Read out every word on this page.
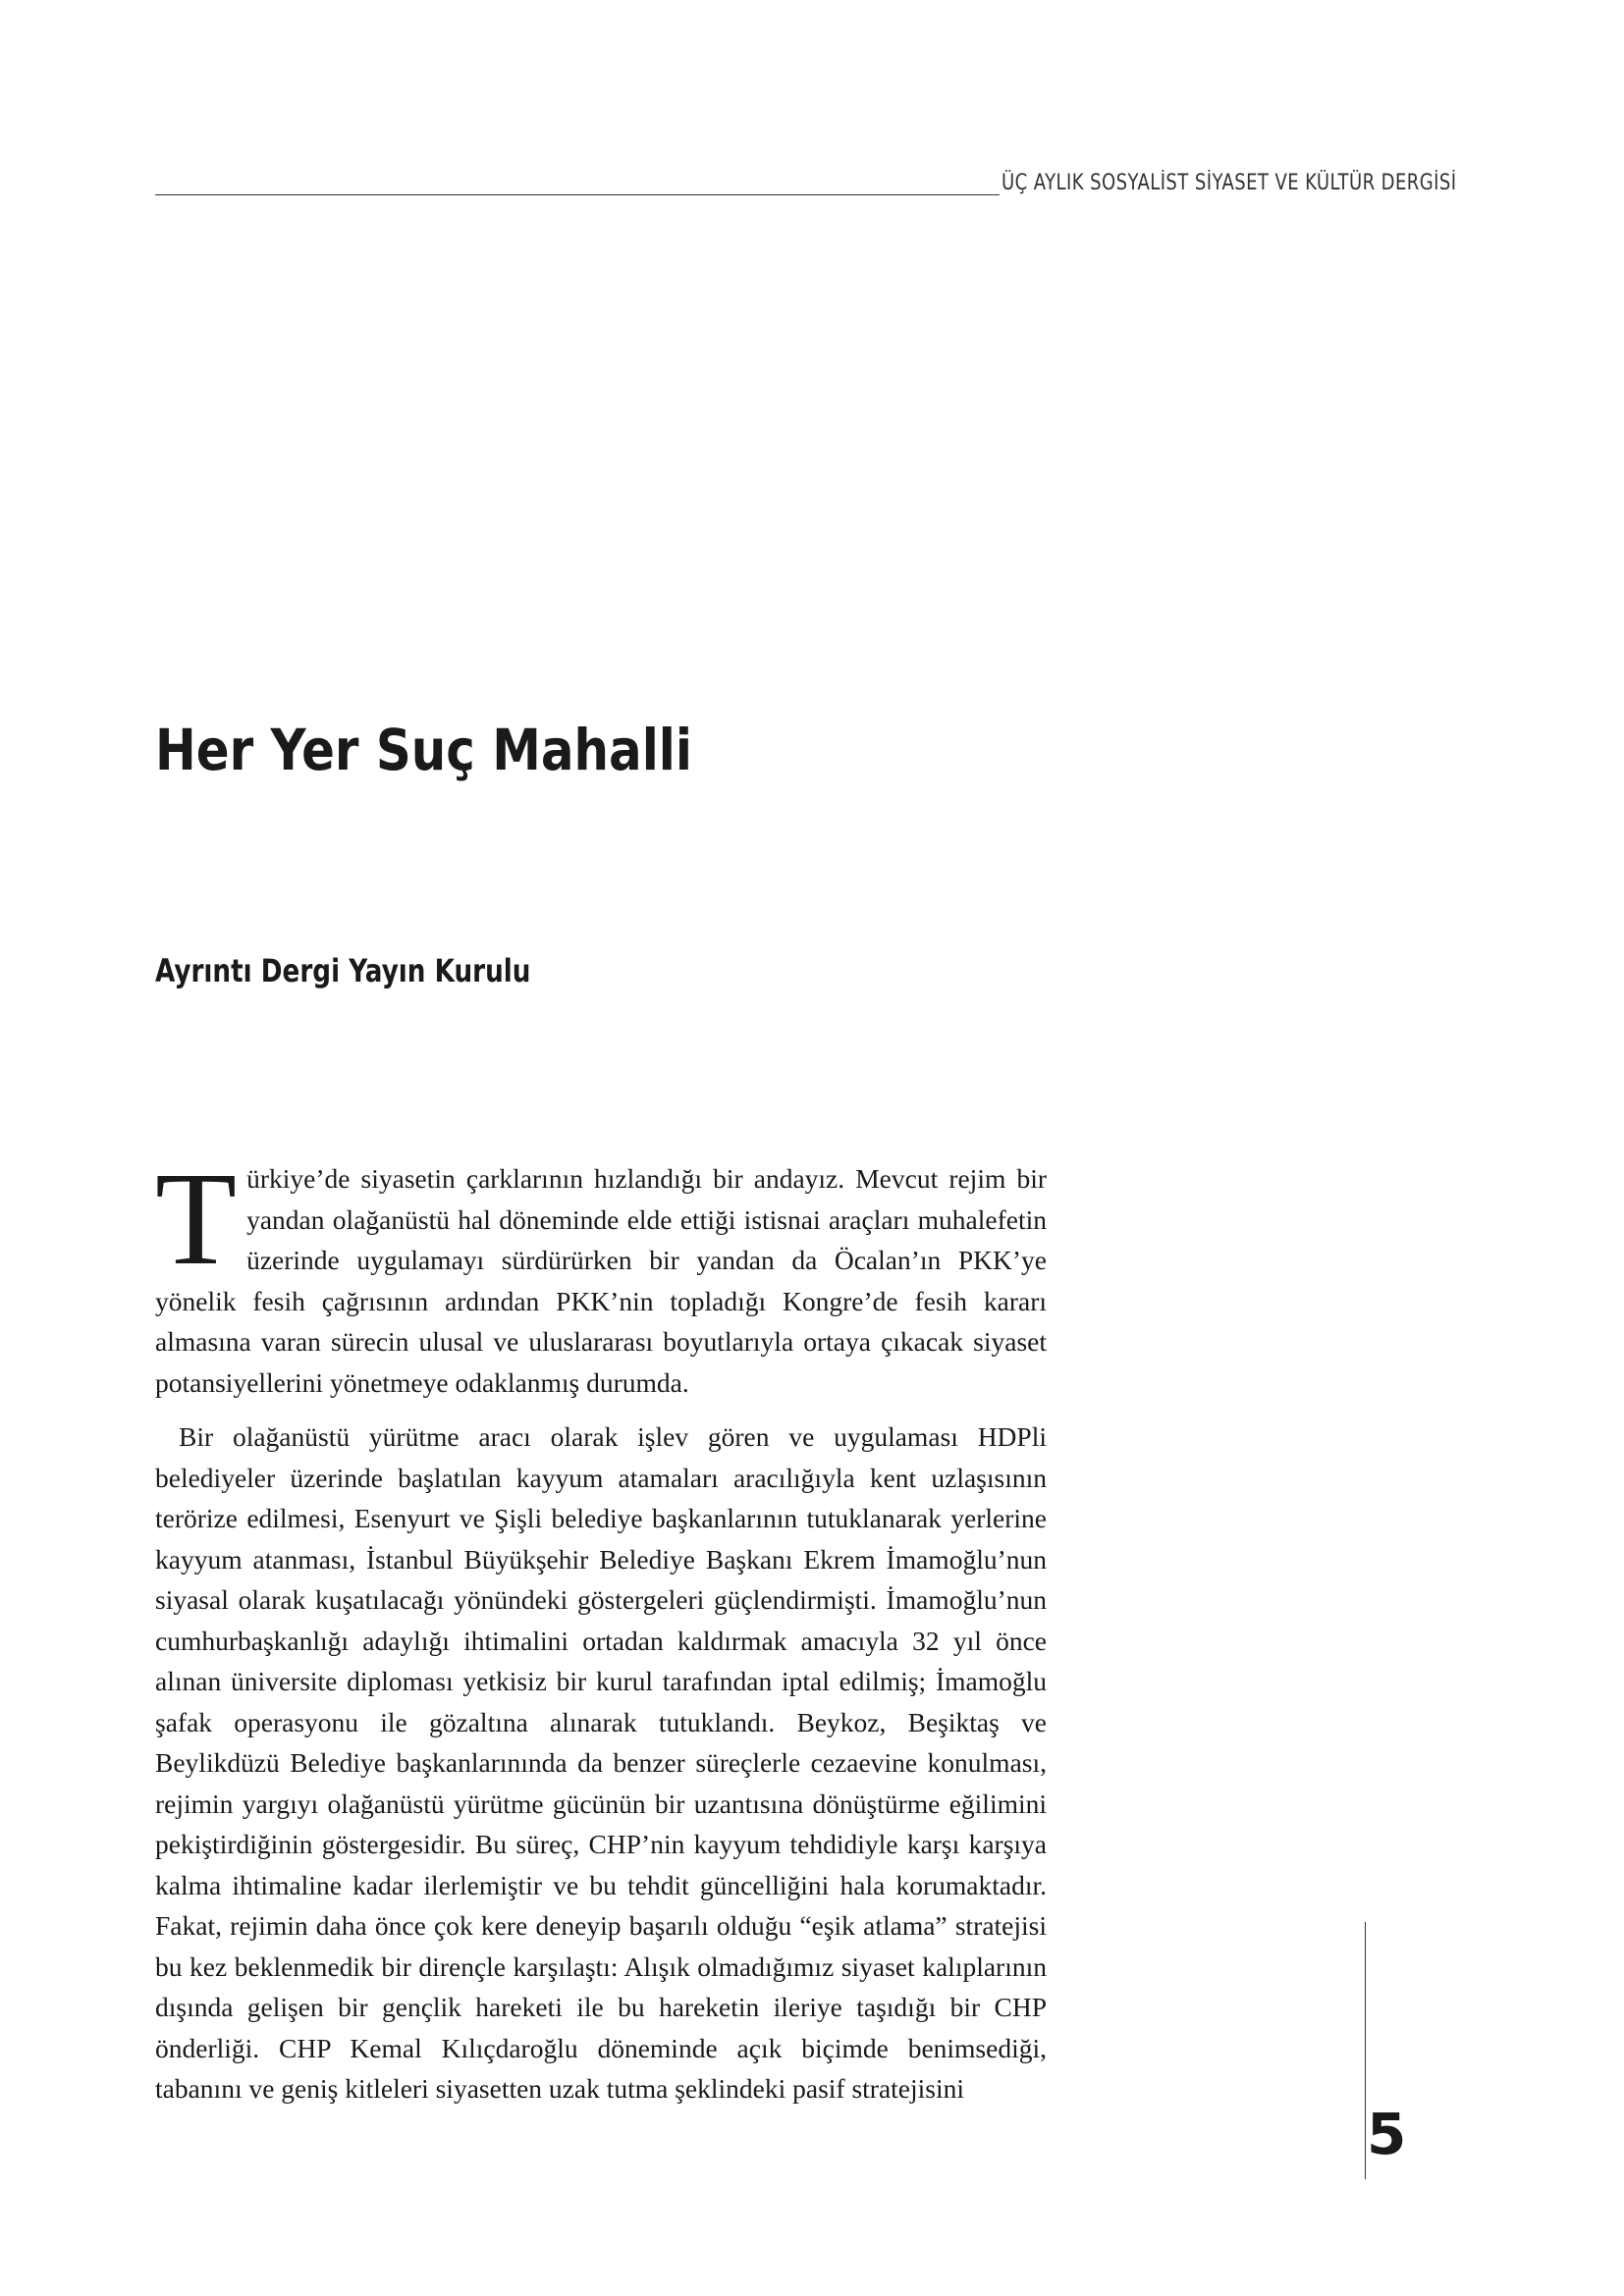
ÜÇ AYLIK SOSYALİST SİYASET VE KÜLTÜR DERGİSİ
Her Yer Suç Mahalli
Ayrıntı Dergi Yayın Kurulu

Türkiye’de siyasetin çarklarının hızlandığı bir andayız. Mevcut rejim bir yandan olağanüstü hal döneminde elde ettiği istisnai araçları muhalefetin üzerinde uygulamayı sürdürürken bir yandan da Öcalan’ın PKK’ye yönelik fesih çağrısının ardından PKK’nin topladığı Kongre’de fesih kararı almasına varan sürecin ulusal ve uluslararası boyutlarıyla ortaya çıkacak siyaset potansiyellerini yönetmeye odaklanmış durumda.

Bir olağanüstü yürütme aracı olarak işlev gören ve uygulaması HDPli belediyeler üzerinde başlatılan kayyum atamaları aracılığıyla kent uzlaşısının terörize edilmesi, Esenyurt ve Şişli belediye başkanlarının tutuklanarak yerlerine kayyum atanması, İstanbul Büyükşehir Belediye Başkanı Ekrem İmamoğlu’nun siyasal olarak kuşatılacağı yönündeki göstergeleri güçlendirmişti. İmamoğlu’nun cumhurbaşkanlığı adaylığı ihtimalini ortadan kaldırmak amacıyla 32 yıl önce alınan üniversite diploması yetkisiz bir kurul tarafından iptal edilmiş; İmamoğlu şafak operasyonu ile gözaltına alınarak tutuklandı. Beykoz, Beşiktaş ve Beylikdüzü Belediye başkanlarınında da benzer süreçlerle cezaevine konulması, rejimin yargıyı olağanüstü yürütme gücünün bir uzantısına dönüştürme eğilimini pekiştirdiğinin göstergesidir. Bu süreç, CHP’nin kayyum tehdidiyle karşı karşıya kalma ihtimaline kadar ilerlemiştir ve bu tehdit güncelliğini hala korumaktadır. Fakat, rejimin daha önce çok kere deneyip başarılı olduğu “eşik atlama” stratejisi bu kez beklenmedik bir dirençle karşılaştı: Alışık olmadığımız siyaset kalıplarının dışında gelişen bir gençlik hareketi ile bu hareketin ileriye taşıdığı bir CHP önderliği. CHP Kemal Kılıçdaroğlu döneminde açık biçimde benimsediği, tabanını ve geniş kitleleri siyasetten uzak tutma şeklindeki pasif stratejisini

5
